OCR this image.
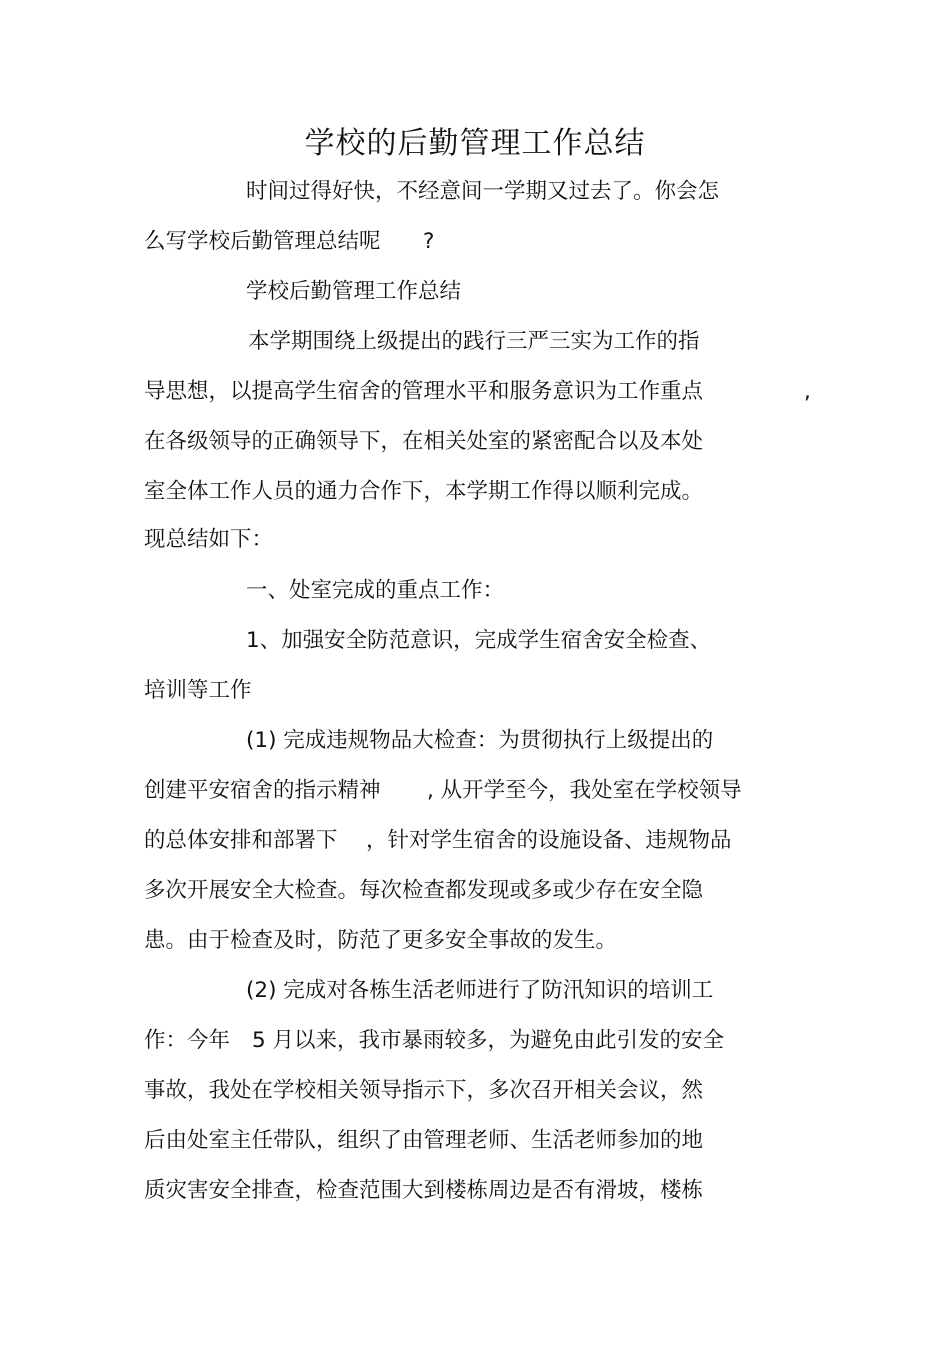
学校的后勤管理工作总结
时间过得好快，不经意间一学期又过去了。你会怎
么写学校后勤管理总结呢 ?
学校后勤管理工作总结
本学期围绕上级提出的践行三严三实为工作的指
导思想，以提高学生宿舍的管理水平和服务意识为工作重点	,
在各级领导的正确领导下，在相关处室的紧密配合以及本处
室全体工作人员的通力合作下，本学期工作得以顺利完成。
现总结如下：
一、处室完成的重点工作：
1、加强安全防范意识，完成学生宿舍安全检查、
培训等工作
(1) 完成违规物品大检查：为贯彻执行上级提出的
创建平安宿舍的指示精神 , 从开学至今，我处室在学校领导
的总体安排和部署下 ，针对学生宿舍的设施设备、违规物品
多次开展安全大检查。每次检查都发现或多或少存在安全隐
患。由于检查及时，防范了更多安全事故的发生。
(2) 完成对各栋生活老师进行了防汛知识的培训工
作：今年 5 月以来，我市暴雨较多，为避免由此引发的安全
事故，我处在学校相关领导指示下，多次召开相关会议，然
后由处室主任带队，组织了由管理老师、生活老师参加的地
质灾害安全排查，检查范围大到楼栋周边是否有滑坡，楼栋
